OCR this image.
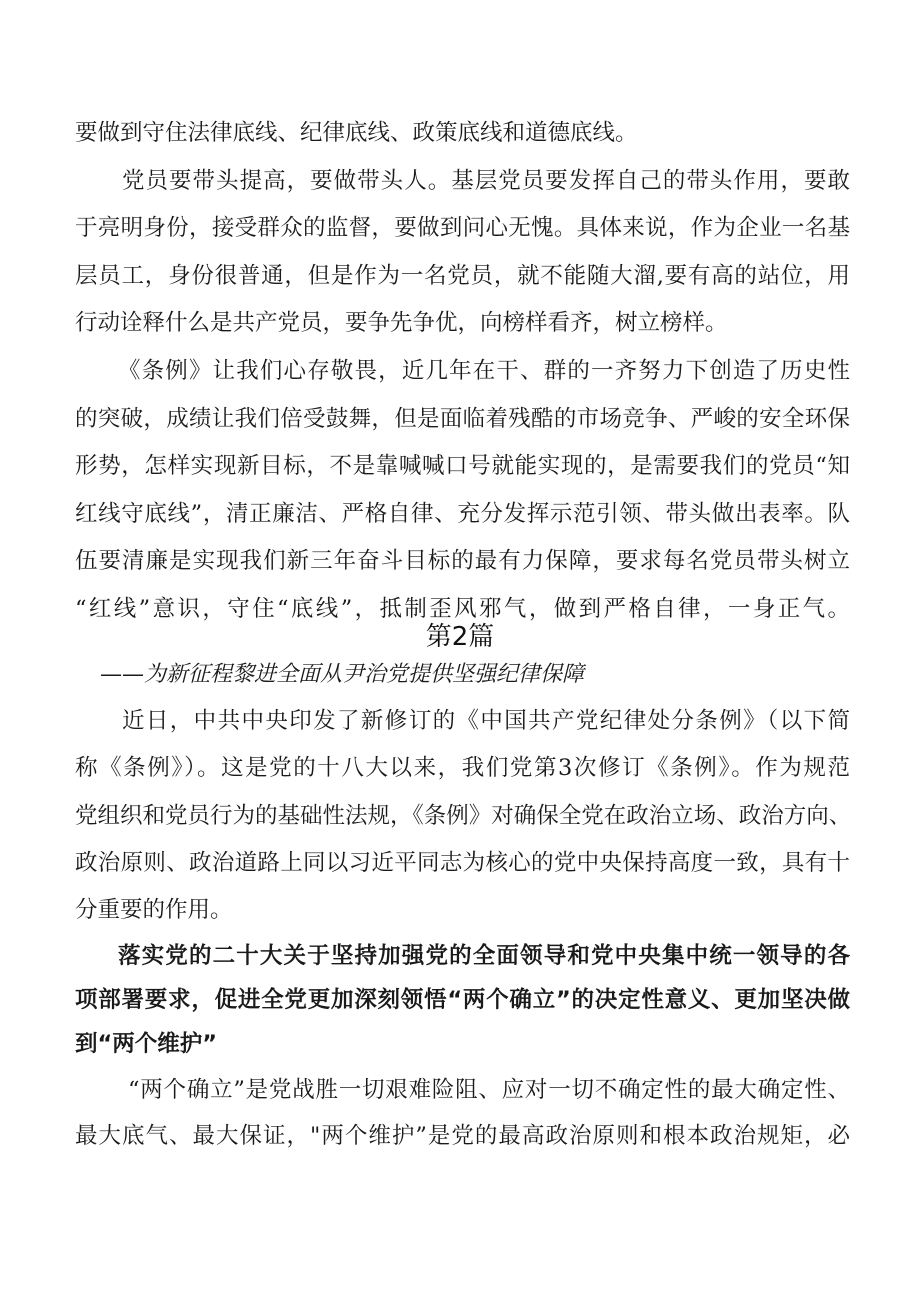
要做到守住法律底线、纪律底线、政策底线和道德底线。
党员要带头提高，要做带头人。基层党员要发挥自己的带头作用，要敢
于亮明身份，接受群众的监督，要做到问心无愧。具体来说，作为企业一名基
层员工，身份很普通，但是作为一名党员，就不能随大溜,要有高的站位，用
行动诠释什么是共产党员，要争先争优，向榜样看齐，树立榜样。
《条例》让我们心存敬畏，近几年在干、群的一齐努力下创造了历史性
的突破，成绩让我们倍受鼓舞，但是面临着残酷的市场竞争、严峻的安全环保
形势，怎样实现新目标，不是靠喊喊口号就能实现的，是需要我们的党员“知
红线守底线”，清正廉洁、严格自律、充分发挥示范引领、带头做出表率。队
伍要清廉是实现我们新三年奋斗目标的最有力保障，要求每名党员带头树立
“红线”意识，守住“底线”，抵制歪风邪气，做到严格自律，一身正气。
第2篇
——为新征程黎进全面从尹治党提供坚强纪律保障
近日，中共中央印发了新修订的《中国共产党纪律处分条例》（以下简
称《条例》）。这是党的十八大以来，我们党第3次修订《条例》。作为规范
党组织和党员行为的基础性法规，《条例》对确保全党在政治立场、政治方向、
政治原则、政治道路上同以习近平同志为核心的党中央保持高度一致，具有十
分重要的作用。
落实党的二十大关于坚持加强党的全面领导和党中央集中统一领导的各
项部署要求，促进全党更加深刻领悟“两个确立”的决定性意义、更加坚决做
到“两个维护”
“两个确立”是党战胜一切艰难险阻、应对一切不确定性的最大确定性、
最大底气、最大保证，"两个维护”是党的最高政治原则和根本政治规矩，必
